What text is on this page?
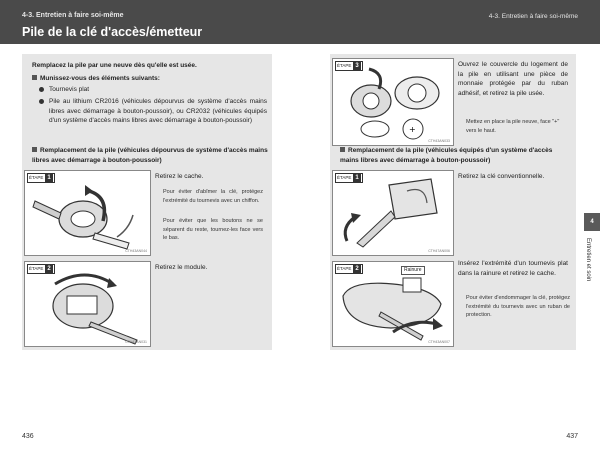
4-3. Entretien à faire soi-même
Pile de la clé d'accès/émetteur
4-3. Entretien à faire soi-même
Remplacez la pile par une neuve dès qu'elle est usée.
Munissez-vous des éléments suivants:
Tournevis plat
Pile au lithium CR2016 (véhicules dépourvus de système d'accès mains libres avec démarrage à bouton-poussoir), ou CR2032 (véhicules équipés d'un système d'accès mains libres avec démarrage à bouton-poussoir)
Remplacement de la pile (véhicules dépourvus de système d'accès mains libres avec démarrage à bouton-poussoir)
ÉTAPE 1
CTH43AN044
Retirez le cache.
Pour éviter d'abîmer la clé, protégez l'extrémité du tournevis avec un chiffon.
Pour éviter que les boutons ne se séparent du reste, tournez-les face vers le bas.
ÉTAPE 2
CTH43AN031
Retirez le module.
ÉTAPE 3
+
CTH43AN033
Ouvrez le couvercle du logement de la pile en utilisant une pièce de monnaie protégée par du ruban adhésif, et retirez la pile usée.
Mettez en place la pile neuve, face "+" vers le haut.
Remplacement de la pile (véhicules équipés d'un système d'accès mains libres avec démarrage à bouton-poussoir)
ÉTAPE 1
CTH47AN006
Retirez la clé conventionnelle.
ÉTAPE 2	Rainure
CTH43AN007
Insérez l'extrémité d'un tournevis plat dans la rainure et retirez le cache.
Pour éviter d'endommager la clé, protégez l'extrémité du tournevis avec un ruban de protection.
4
Entretien et soin
436	437
